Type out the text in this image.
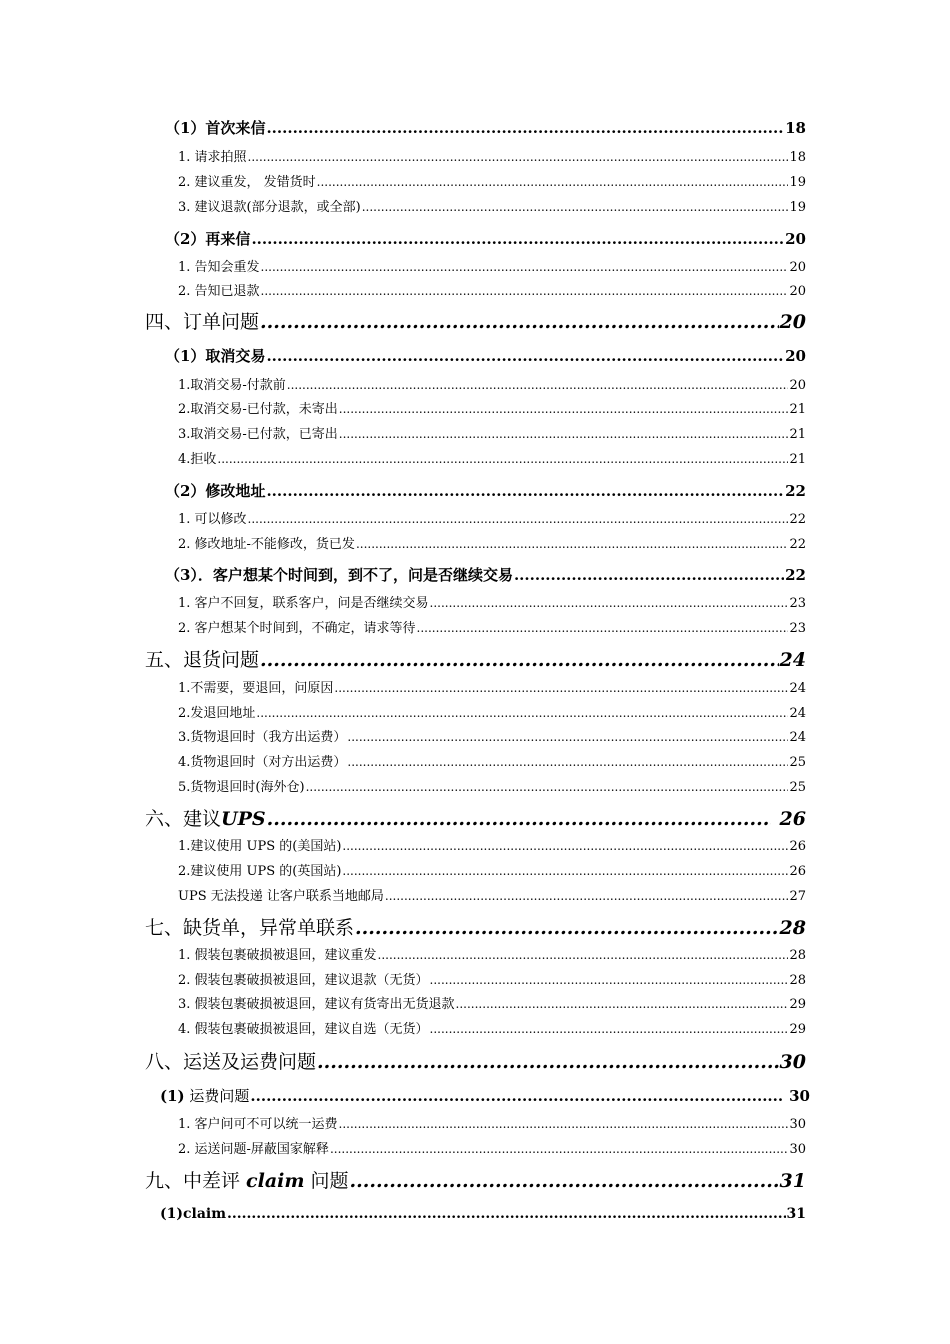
（1）首次来信 .....	18
1. 请求拍照 .....	18
2. 建议重发， 发错货时 .....	19
3. 建议退款(部分退款，或全部) .....	19
（2）再来信 .....	20
1. 告知会重发 .....	20
2. 告知已退款 .....	20
四、订单问题 .....	20
（1）取消交易 .....	20
1.取消交易-付款前 .....	20
2.取消交易-已付款，未寄出 .....	21
3.取消交易-已付款，已寄出 .....	21
4.拒收 .....	21
（2）修改地址 .....	22
1. 可以修改 .....	22
2. 修改地址-不能修改，货已发 .....	22
（3）．客户想某个时间到，到不了，问是否继续交易 .....	22
1. 客户不回复，联系客户，问是否继续交易 .....	23
2. 客户想某个时间到，不确定，请求等待 .....	23
五、退货问题 .....	24
1.不需要，要退回，问原因 .....	24
2.发退回地址 .....	24
3.货物退回时（我方出运费） .....	24
4.货物退回时（对方出运费） .....	25
5.货物退回时(海外仓) .....	25
六、建议UPS .....	26
1.建议使用 UPS 的(美国站) .....	26
2.建议使用 UPS 的(英国站) .....	26
UPS 无法投递 让客户联系当地邮局 .....	27
七、缺货单，异常单联系 .....	28
1. 假装包裹破损被退回，建议重发 .....	28
2. 假装包裹破损被退回，建议退款（无货） .....	28
3. 假装包裹破损被退回，建议有货寄出无货退款 .....	29
4. 假装包裹破损被退回，建议自选（无货） .....	29
八、运送及运费问题 .....	30
(1) 运费问题 .....	30
1. 客户问可不可以统一运费 .....	30
2. 运送问题-屏蔽国家解释 .....	30
九、中差评 claim 问题 .....	31
(1)claim .....	31
